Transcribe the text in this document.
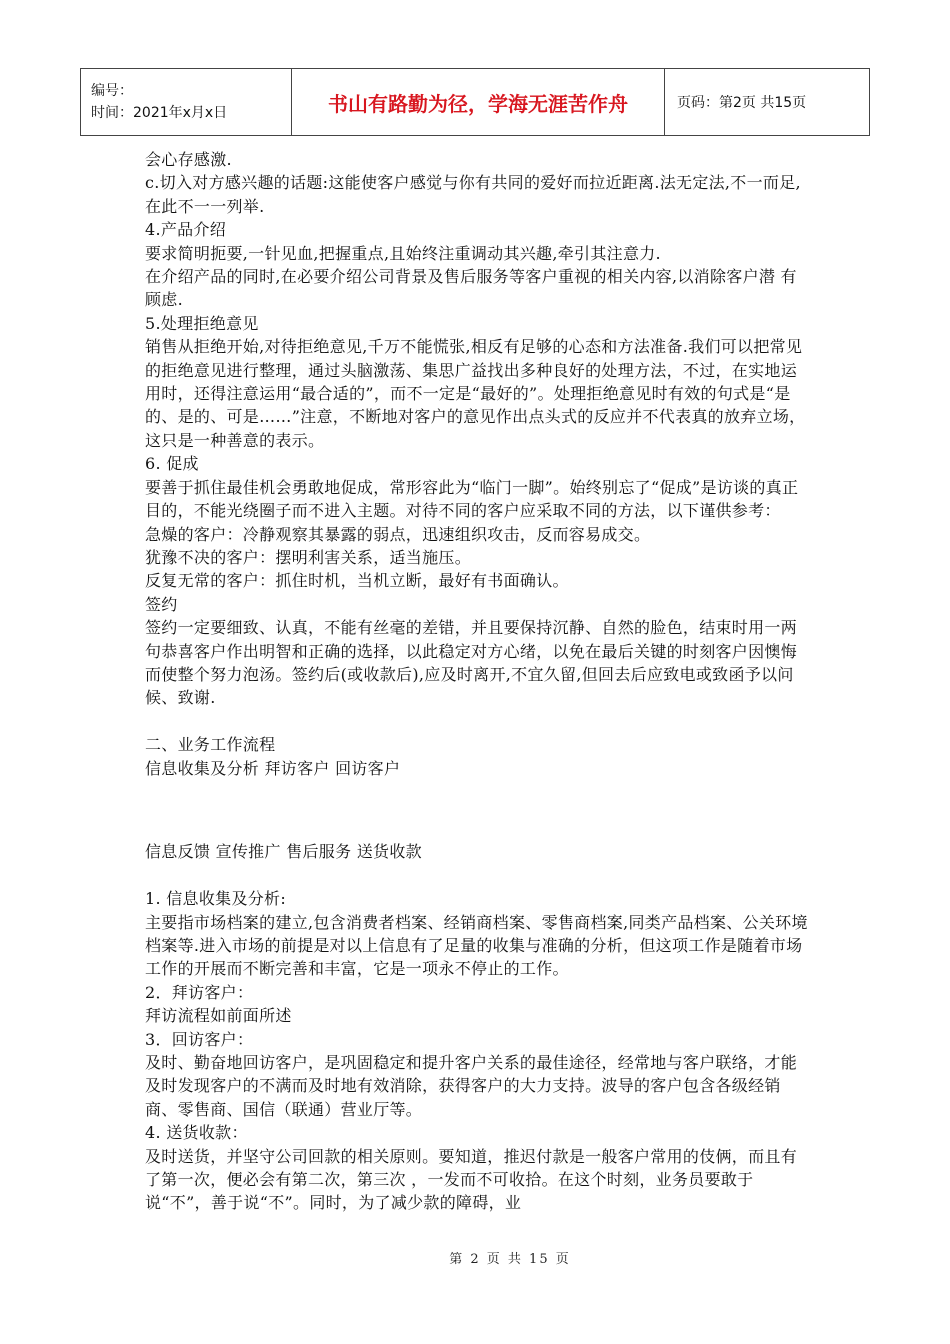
编号：
时间：2021年x月x日	书山有路勤为径，学海无涯苦作舟	页码：第2页 共15页

会心存感激.

c.切入对方感兴趣的话题:这能使客户感觉与你有共同的爱好而拉近距离.法无定法,不一而足,在此不一一列举.

4.产品介绍

要求简明扼要,一针见血,把握重点,且始终注重调动其兴趣,牵引其注意力.

在介绍产品的同时,在必要介绍公司背景及售后服务等客户重视的相关内容,以消除客户潜 有顾虑.

5.处理拒绝意见

销售从拒绝开始,对待拒绝意见,千万不能慌张,相反有足够的心态和方法准备.我们可以把常见的拒绝意见进行整理，通过头脑激荡、集思广益找出多种良好的处理方法，不过，在实地运用时，还得注意运用“最合适的”，而不一定是“最好的”。处理拒绝意见时有效的句式是“是的、是的、可是……”注意，不断地对客户的意见作出点头式的反应并不代表真的放弃立场，这只是一种善意的表示。

6. 促成

要善于抓住最佳机会勇敢地促成，常形容此为“临门一脚”。始终别忘了“促成”是访谈的真正目的，不能光绕圈子而不进入主题。对待不同的客户应采取不同的方法，以下谨供参考：

急燥的客户：冷静观察其暴露的弱点，迅速组织攻击，反而容易成交。

犹豫不决的客户：摆明利害关系，适当施压。

反复无常的客户：抓住时机，当机立断，最好有书面确认。

签约

签约一定要细致、认真，不能有丝毫的差错，并且要保持沉静、自然的脸色，结束时用一两句恭喜客户作出明智和正确的选择，以此稳定对方心绪，以免在最后关键的时刻客户因懊悔而使整个努力泡汤。签约后(或收款后),应及时离开,不宜久留,但回去后应致电或致函予以问候、致谢.

二、业务工作流程

信息收集及分析 拜访客户 回访客户

信息反馈 宣传推广 售后服务 送货收款

1. 信息收集及分析:

主要指市场档案的建立,包含消费者档案、经销商档案、零售商档案,同类产品档案、公关环境档案等.进入市场的前提是对以上信息有了足量的收集与准确的分析，但这项工作是随着市场工作的开展而不断完善和丰富，它是一项永不停止的工作。

2．拜访客户：

拜访流程如前面所述

3．回访客户：

及时、勤奋地回访客户，是巩固稳定和提升客户关系的最佳途径，经常地与客户联络，才能及时发现客户的不满而及时地有效消除，获得客户的大力支持。波导的客户包含各级经销商、零售商、国信（联通）营业厅等。

4. 送货收款：

及时送货，并坚守公司回款的相关原则。要知道，推迟付款是一般客户常用的伎俩，而且有了第一次，便必会有第二次，第三次 ，一发而不可收拾。在这个时刻，业务员要敢于说“不”，善于说“不”。同时，为了减少款的障碍，业

第 2 页 共 15 页
